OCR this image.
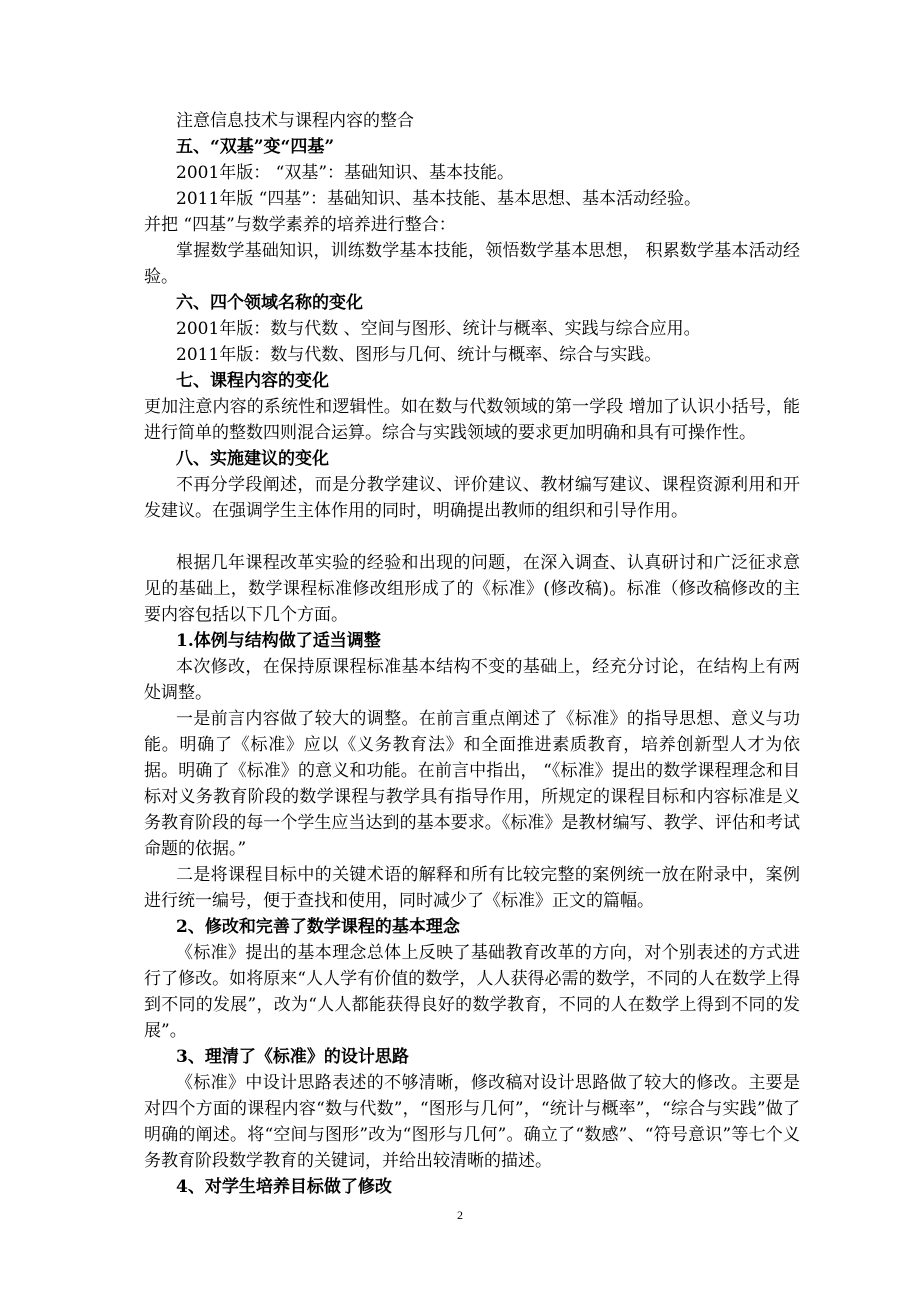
注意信息技术与课程内容的整合

五、“双基”变“四基”

2001年版： “双基”：基础知识、基本技能。

2011年版 “四基”：基础知识、基本技能、基本思想、基本活动经验。

并把 “四基”与数学素养的培养进行整合：

掌握数学基础知识，训练数学基本技能，领悟数学基本思想， 积累数学基本活动经验。

六、四个领域名称的变化

2001年版：数与代数 、空间与图形、统计与概率、实践与综合应用。

2011年版：数与代数、图形与几何、统计与概率、综合与实践。

七、课程内容的变化

更加注意内容的系统性和逻辑性。如在数与代数领域的第一学段 增加了认识小括号，能进行简单的整数四则混合运算。综合与实践领域的要求更加明确和具有可操作性。

八、实施建议的变化

不再分学段阐述，而是分教学建议、评价建议、教材编写建议、课程资源利用和开发建议。在强调学生主体作用的同时，明确提出教师的组织和引导作用。

根据几年课程改革实验的经验和出现的问题，在深入调查、认真研讨和广泛征求意见的基础上，数学课程标准修改组形成了的《标准》(修改稿)。标准（修改稿修改的主要内容包括以下几个方面。

1.体例与结构做了适当调整

本次修改，在保持原课程标准基本结构不变的基础上，经充分讨论，在结构上有两处调整。

一是前言内容做了较大的调整。在前言重点阐述了《标准》的指导思想、意义与功能。明确了《标准》应以《义务教育法》和全面推进素质教育，培养创新型人才为依据。明确了《标准》的意义和功能。在前言中指出， “《标准》提出的数学课程理念和目标对义务教育阶段的数学课程与教学具有指导作用，所规定的课程目标和内容标准是义务教育阶段的每一个学生应当达到的基本要求。《标准》是教材编写、教学、评估和考试命题的依据。”

二是将课程目标中的关键术语的解释和所有比较完整的案例统一放在附录中，案例进行统一编号，便于查找和使用，同时减少了《标准》正文的篇幅。

2、修改和完善了数学课程的基本理念

《标准》提出的基本理念总体上反映了基础教育改革的方向，对个别表述的方式进行了修改。如将原来“人人学有价值的数学，人人获得必需的数学，不同的人在数学上得到不同的发展”，改为“人人都能获得良好的数学教育，不同的人在数学上得到不同的发展”。

3、理清了《标准》的设计思路

《标准》中设计思路表述的不够清晰，修改稿对设计思路做了较大的修改。主要是对四个方面的课程内容“数与代数”，“图形与几何”，“统计与概率”，“综合与实践”做了明确的阐述。将“空间与图形”改为“图形与几何”。确立了“数感”、“符号意识”等七个义务教育阶段数学教育的关键词，并给出较清晰的描述。

4、对学生培养目标做了修改

2
